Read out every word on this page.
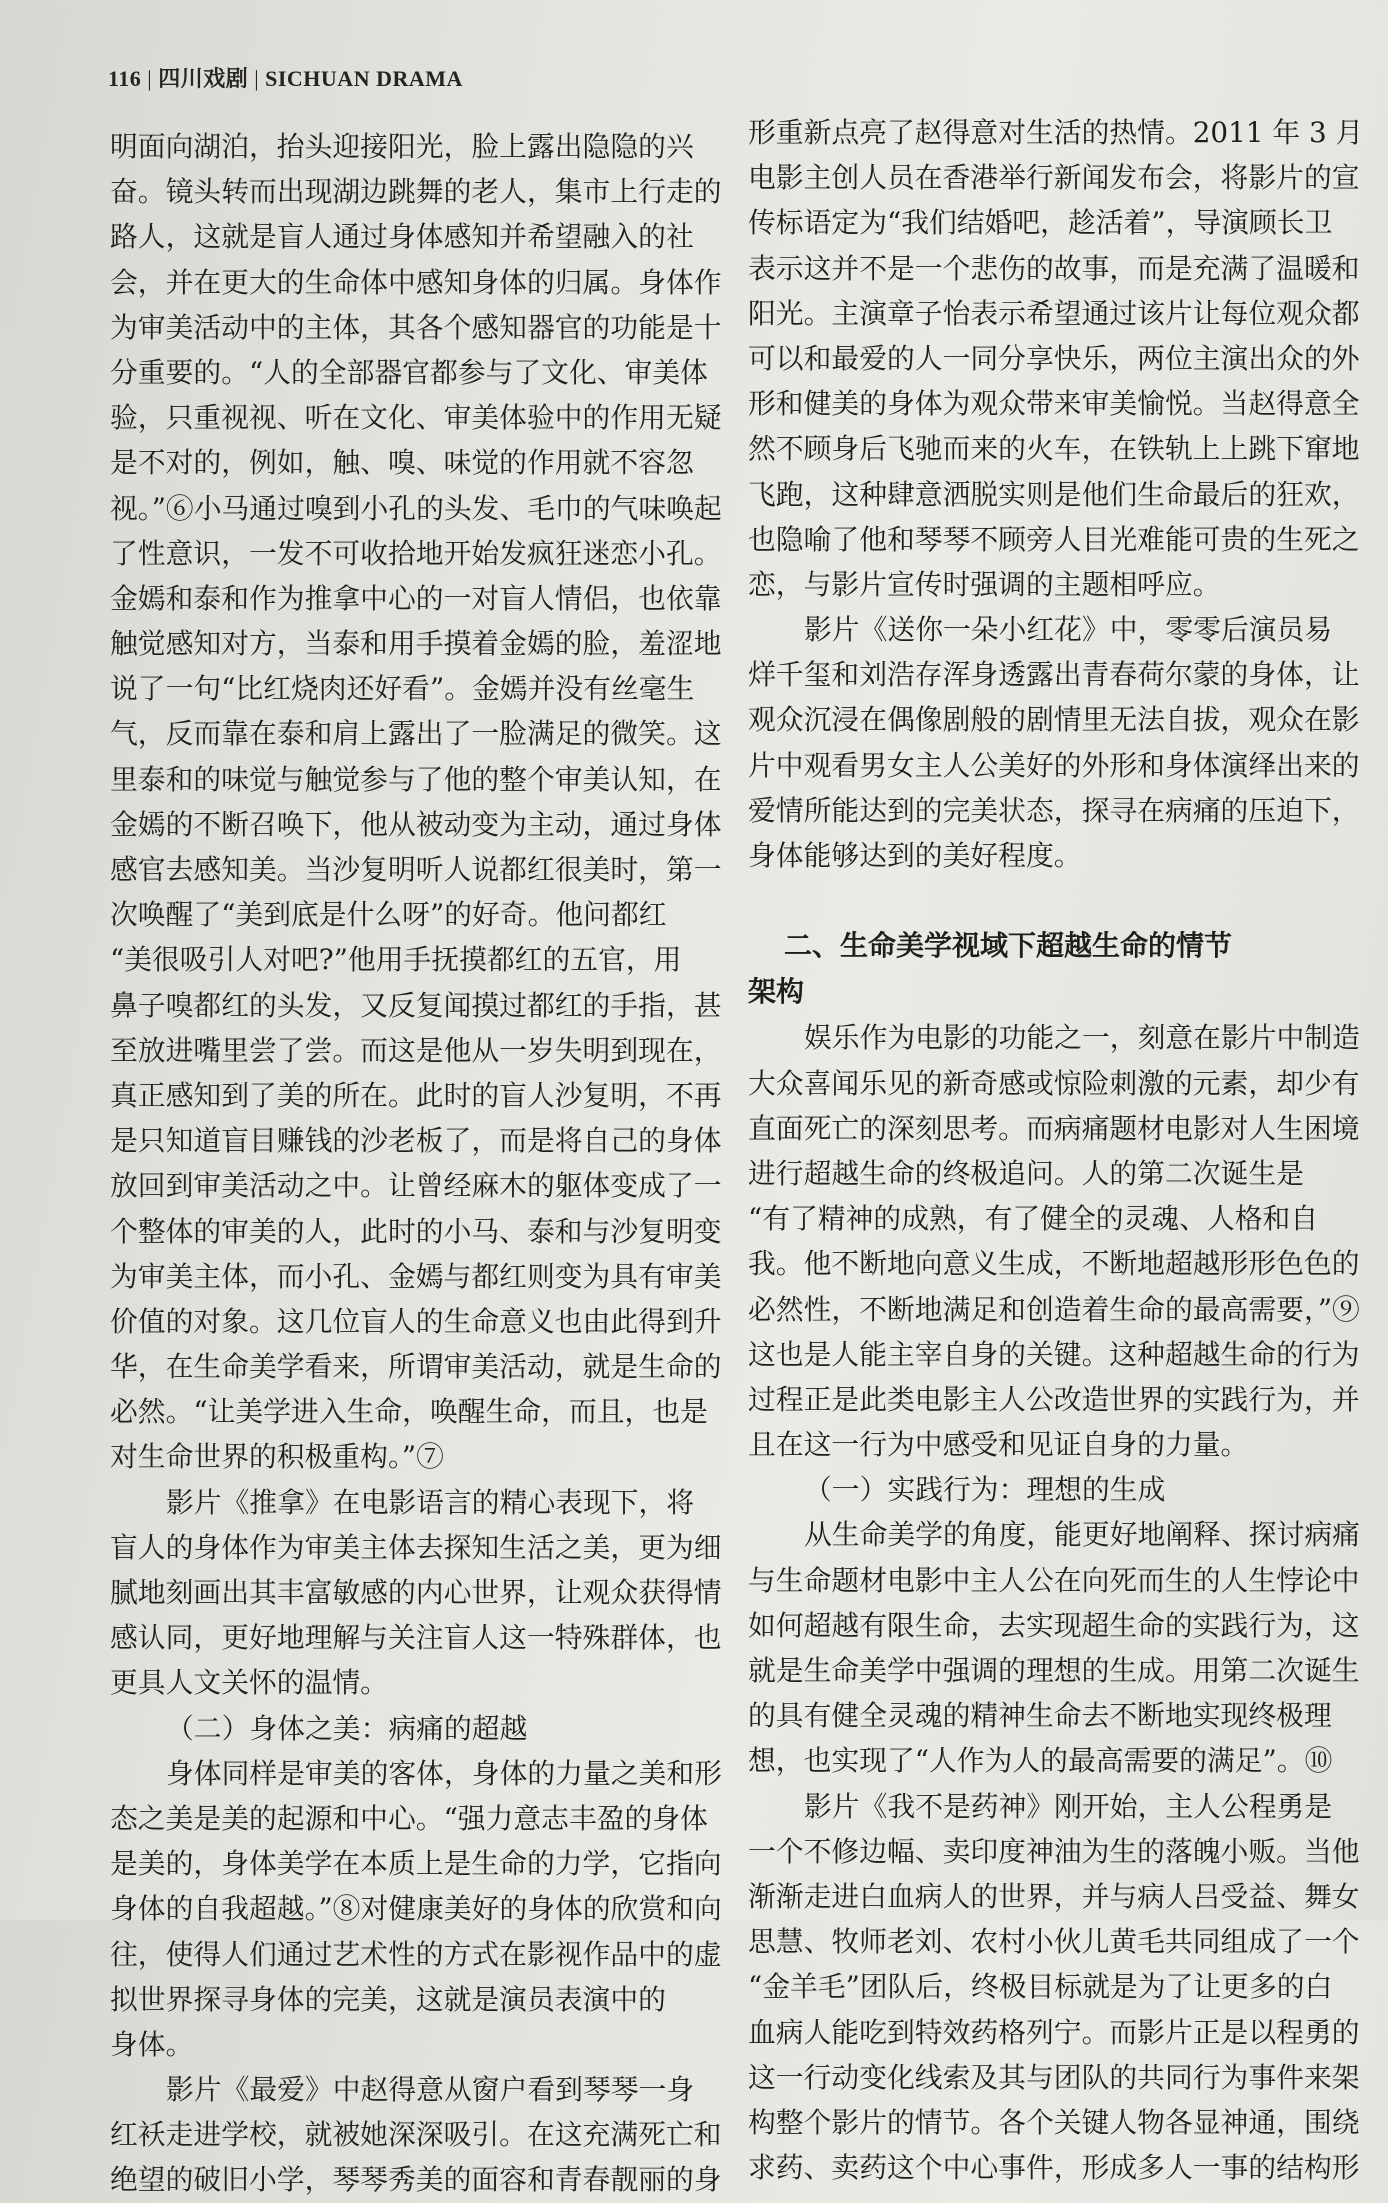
116 | 四川戏剧 | SICHUAN DRAMA
明面向湖泊，抬头迎接阳光，脸上露出隐隐的兴
奋。镜头转而出现湖边跳舞的老人，集市上行走的
路人，这就是盲人通过身体感知并希望融入的社
会，并在更大的生命体中感知身体的归属。身体作
为审美活动中的主体，其各个感知器官的功能是十
分重要的。“人的全部器官都参与了文化、审美体
验，只重视视、听在文化、审美体验中的作用无疑
是不对的，例如，触、嗅、味觉的作用就不容忽
视。”⑥小马通过嗅到小孔的头发、毛巾的气味唤起
了性意识，一发不可收拾地开始发疯狂迷恋小孔。
金嫣和泰和作为推拿中心的一对盲人情侣，也依靠
触觉感知对方，当泰和用手摸着金嫣的脸，羞涩地
说了一句“比红烧肉还好看”。金嫣并没有丝毫生
气，反而靠在泰和肩上露出了一脸满足的微笑。这
里泰和的味觉与触觉参与了他的整个审美认知，在
金嫣的不断召唤下，他从被动变为主动，通过身体
感官去感知美。当沙复明听人说都红很美时，第一
次唤醒了“美到底是什么呀”的好奇。他问都红
“美很吸引人对吧?”他用手抚摸都红的五官，用
鼻子嗅都红的头发，又反复闻摸过都红的手指，甚
至放进嘴里尝了尝。而这是他从一岁失明到现在，
真正感知到了美的所在。此时的盲人沙复明，不再
是只知道盲目赚钱的沙老板了，而是将自己的身体
放回到审美活动之中。让曾经麻木的躯体变成了一
个整体的审美的人，此时的小马、泰和与沙复明变
为审美主体，而小孔、金嫣与都红则变为具有审美
价值的对象。这几位盲人的生命意义也由此得到升
华，在生命美学看来，所谓审美活动，就是生命的
必然。“让美学进入生命，唤醒生命，而且，也是
对生命世界的积极重构。”⑦
影片《推拿》在电影语言的精心表现下，将
盲人的身体作为审美主体去探知生活之美，更为细
腻地刻画出其丰富敏感的内心世界，让观众获得情
感认同，更好地理解与关注盲人这一特殊群体，也
更具人文关怀的温情。
（二）身体之美：病痛的超越
身体同样是审美的客体，身体的力量之美和形
态之美是美的起源和中心。“强力意志丰盈的身体
是美的，身体美学在本质上是生命的力学，它指向
身体的自我超越。”⑧对健康美好的身体的欣赏和向
往，使得人们通过艺术性的方式在影视作品中的虚
拟世界探寻身体的完美，这就是演员表演中的
身体。
影片《最爱》中赵得意从窗户看到琴琴一身
红袄走进学校，就被她深深吸引。在这充满死亡和
绝望的破旧小学，琴琴秀美的面容和青春靓丽的身
形重新点亮了赵得意对生活的热情。2011 年 3 月
电影主创人员在香港举行新闻发布会，将影片的宣
传标语定为“我们结婚吧，趁活着”，导演顾长卫
表示这并不是一个悲伤的故事，而是充满了温暖和
阳光。主演章子怡表示希望通过该片让每位观众都
可以和最爱的人一同分享快乐，两位主演出众的外
形和健美的身体为观众带来审美愉悦。当赵得意全
然不顾身后飞驰而来的火车，在铁轨上上跳下窜地
飞跑，这种肆意洒脱实则是他们生命最后的狂欢，
也隐喻了他和琴琴不顾旁人目光难能可贵的生死之
恋，与影片宣传时强调的主题相呼应。
影片《送你一朵小红花》中，零零后演员易
烊千玺和刘浩存浑身透露出青春荷尔蒙的身体，让
观众沉浸在偶像剧般的剧情里无法自拔，观众在影
片中观看男女主人公美好的外形和身体演绎出来的
爱情所能达到的完美状态，探寻在病痛的压迫下，
身体能够达到的美好程度。
二、生命美学视域下超越生命的情节
架构
娱乐作为电影的功能之一，刻意在影片中制造
大众喜闻乐见的新奇感或惊险刺激的元素，却少有
直面死亡的深刻思考。而病痛题材电影对人生困境
进行超越生命的终极追问。人的第二次诞生是
“有了精神的成熟，有了健全的灵魂、人格和自
我。他不断地向意义生成，不断地超越形形色色的
必然性，不断地满足和创造着生命的最高需要，”⑨
这也是人能主宰自身的关键。这种超越生命的行为
过程正是此类电影主人公改造世界的实践行为，并
且在这一行为中感受和见证自身的力量。
（一）实践行为：理想的生成
从生命美学的角度，能更好地阐释、探讨病痛
与生命题材电影中主人公在向死而生的人生悖论中
如何超越有限生命，去实现超生命的实践行为，这
就是生命美学中强调的理想的生成。用第二次诞生
的具有健全灵魂的精神生命去不断地实现终极理
想，也实现了“人作为人的最高需要的满足”。⑩
影片《我不是药神》刚开始，主人公程勇是
一个不修边幅、卖印度神油为生的落魄小贩。当他
渐渐走进白血病人的世界，并与病人吕受益、舞女
思慧、牧师老刘、农村小伙儿黄毛共同组成了一个
“金羊毛”团队后，终极目标就是为了让更多的白
血病人能吃到特效药格列宁。而影片正是以程勇的
这一行动变化线索及其与团队的共同行为事件来架
构整个影片的情节。各个关键人物各显神通，围绕
求药、卖药这个中心事件，形成多人一事的结构形
